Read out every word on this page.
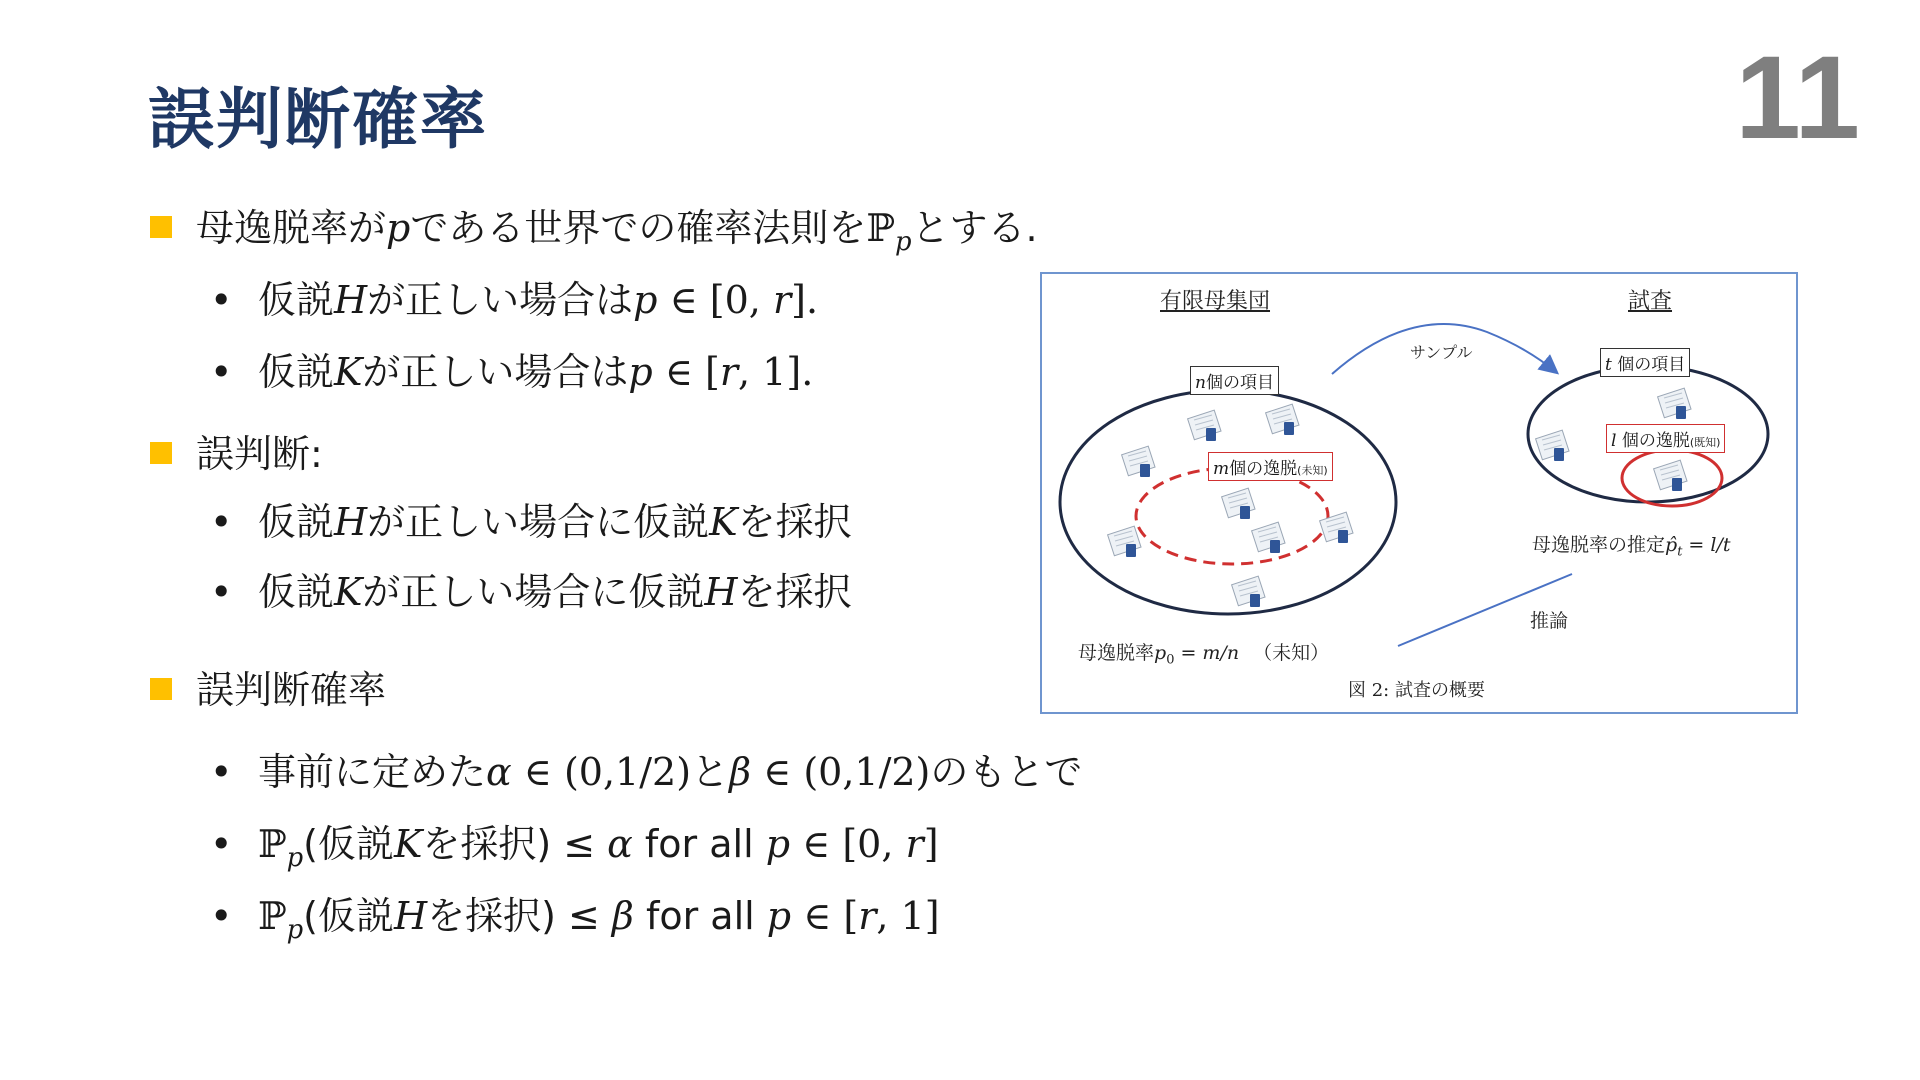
誤判断確率	11
母逸脱率がpである世界での確率法則をℙ$_p$とする.
• 仮説Hが正しい場合はp ∈ [0, r].
• 仮説Kが正しい場合はp ∈ [r, 1].
誤判断:
• 仮説Hが正しい場合に仮説Kを採択
• 仮説Kが正しい場合に仮説Hを採択
誤判断確率
• 事前に定めたα ∈ (0,1/2)とβ ∈ (0,1/2)のもとで
• ℙ$_p$(仮説Kを採択) ≤ α for all p ∈ [0, r]
• ℙ$_p$(仮説Hを採択) ≤ β for all p ∈ [r, 1]
有限母集団	試査
サンプル
n個の項目
m個の逸脱(未知)
t 個の項目
l 個の逸脱(既知)
母逸脱率の推定$p̂_t = l/t$
推論
母逸脱率$p_0 = m/n$ （未知）
図 2: 試査の概要
